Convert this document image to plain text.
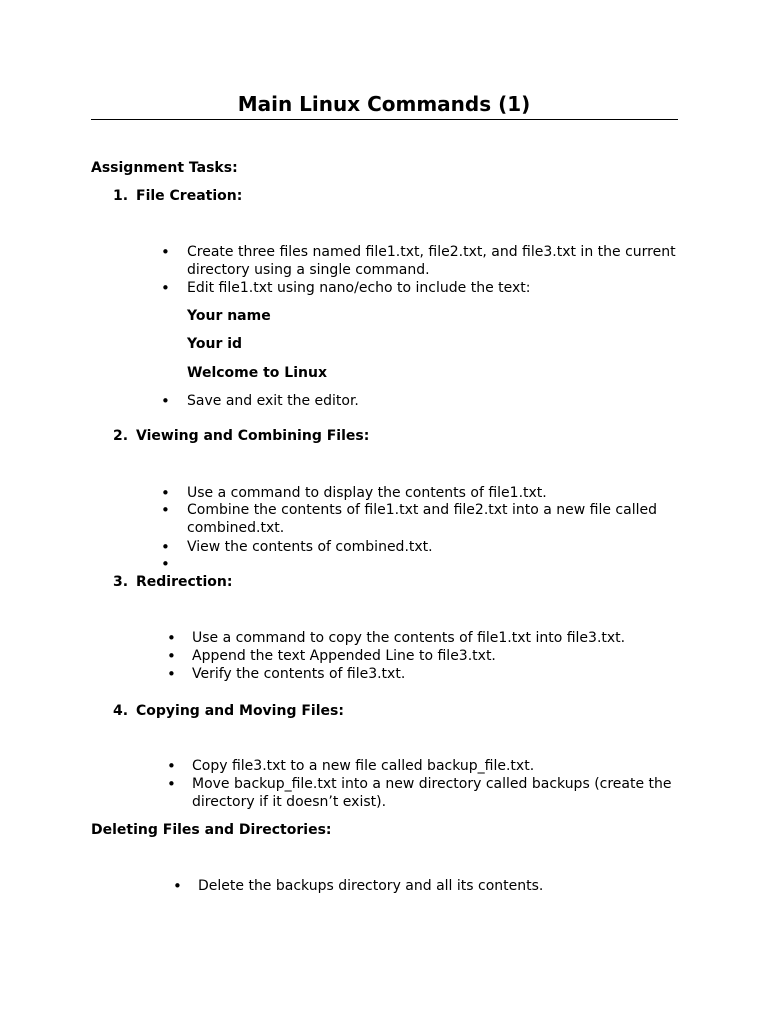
Main Linux Commands (1)
Assignment Tasks:
1. File Creation:
• Create three files named file1.txt, file2.txt, and file3.txt in the current
directory using a single command.
• Edit file1.txt using nano/echo to include the text:
Your name
Your id
Welcome to Linux
• Save and exit the editor.
2. Viewing and Combining Files:
• Use a command to display the contents of file1.txt.
• Combine the contents of file1.txt and file2.txt into a new file called
combined.txt.
• View the contents of combined.txt.
•
3. Redirection:
• Use a command to copy the contents of file1.txt into file3.txt.
• Append the text Appended Line to file3.txt.
• Verify the contents of file3.txt.
4. Copying and Moving Files:
• Copy file3.txt to a new file called backup_file.txt.
• Move backup_file.txt into a new directory called backups (create the
directory if it doesn’t exist).
Deleting Files and Directories:
• Delete the backups directory and all its contents.
